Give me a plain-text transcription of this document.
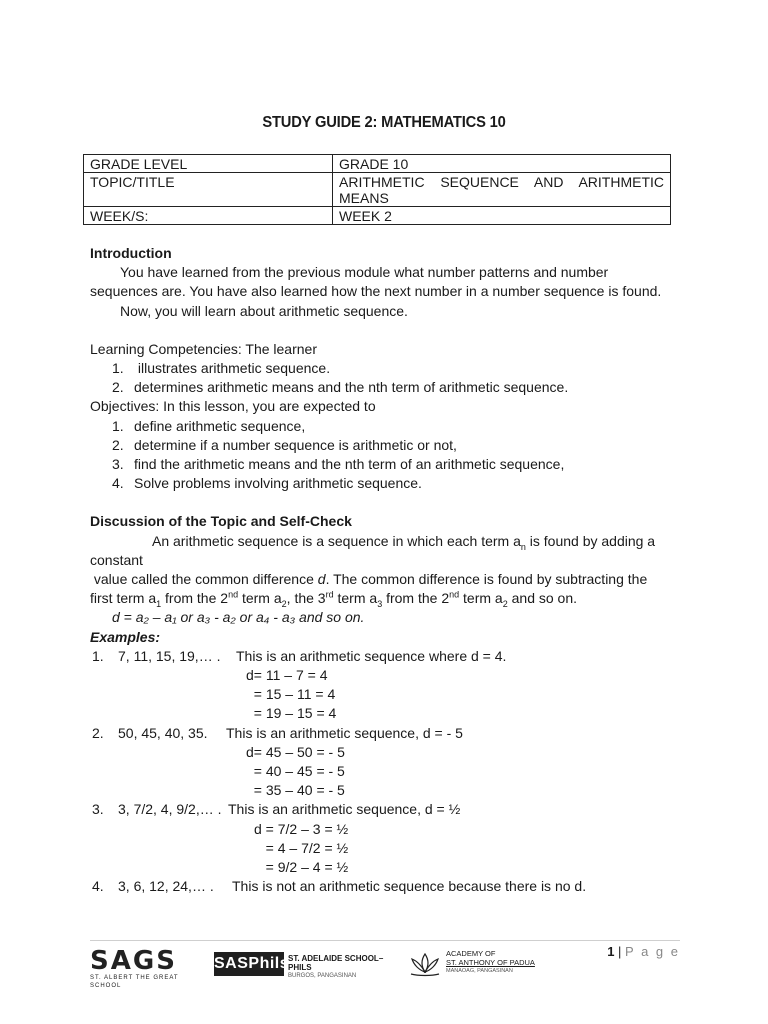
STUDY GUIDE 2: MATHEMATICS 10
GRADE LEVEL	GRADE 10
TOPIC/TITLE	ARITHMETIC SEQUENCE AND ARITHMETIC MEANS
WEEK/S:	WEEK 2
Introduction
You have learned from the previous module what number patterns and number sequences are. You have also learned how the next number in a number sequence is found.
Now, you will learn about arithmetic sequence.
Learning Competencies: The learner
1. illustrates arithmetic sequence.
2. determines arithmetic means and the nth term of arithmetic sequence.
Objectives: In this lesson, you are expected to
1. define arithmetic sequence,
2. determine if a number sequence is arithmetic or not,
3. find the arithmetic means and the nth term of an arithmetic sequence,
4. Solve problems involving arithmetic sequence.
Discussion of the Topic and Self-Check
An arithmetic sequence is a sequence in which each term $a_n$ is found by adding a constant
value called the common difference d. The common difference is found by subtracting the first term $a_1$ from the 2nd term $a_2$, the 3rd term $a_3$ from the 2nd term $a_2$ and so on.
d = a₂ – a₁ or a₃ - a₂ or a₄ - a₃ and so on.
Examples:
1.	7, 11, 15, 19,… .	This is an arithmetic sequence where d = 4.
d= 11 – 7 = 4
= 15 – 11 = 4
= 19 – 15 = 4
2.	50, 45, 40, 35.	This is an arithmetic sequence, d = - 5
d= 45 – 50 = - 5
= 40 – 45 = - 5
= 35 – 40 = - 5
3.	3, 7/2, 4, 9/2,… . This is an arithmetic sequence, d = ½
d = 7/2 – 3 = ½
= 4 – 7/2 = ½
= 9/2 – 4 = ½
4.	3, 6, 12, 24,… .	This is not an arithmetic sequence because there is no d.
1 | P a g e
SAGS
ST. ALBERT THE GREAT SCHOOL
SASPhils.
ST. ADELAIDE SCHOOL–PHILS
BURGOS, PANGASINAN
ACADEMY OF
ST. ANTHONY OF PADUA
MANAOAG, PANGASINAN
